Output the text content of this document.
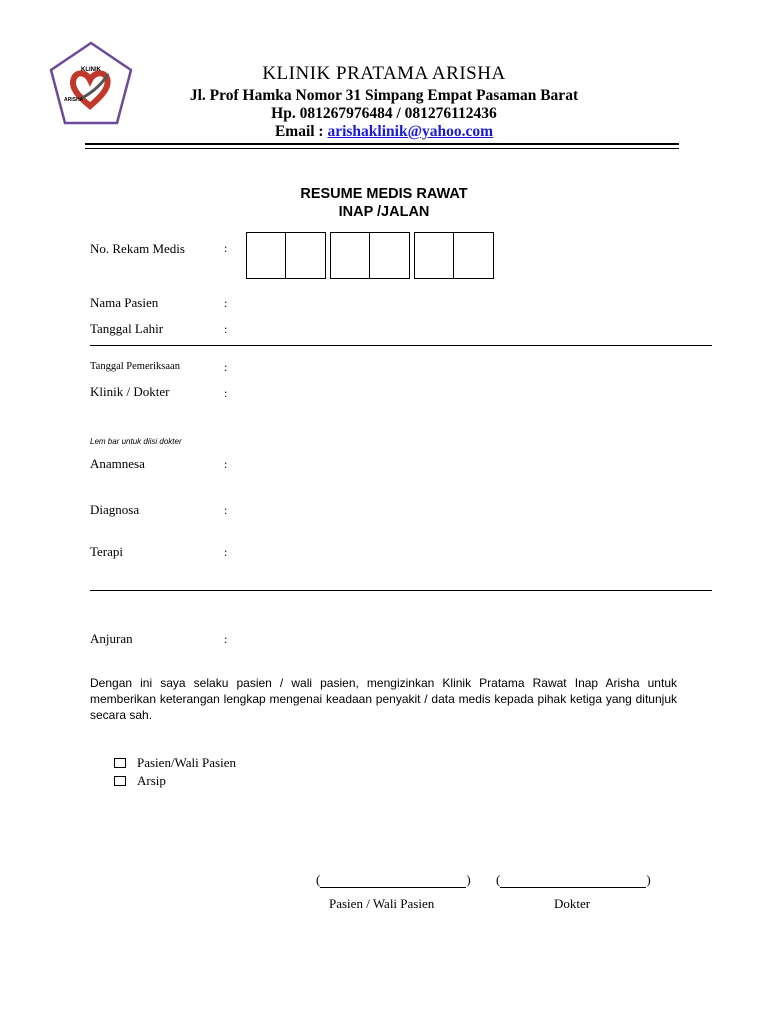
KLINIK
ARISHA
KLINIK PRATAMA ARISHA
Jl. Prof Hamka Nomor 31 Simpang Empat Pasaman Barat
Hp. 081267976484 / 081276112436
Email : arishaklinik@yahoo.com
RESUME MEDIS RAWAT
INAP /JALAN
No. Rekam Medis	:
Nama Pasien	:
Tanggal Lahir	:
Tanggal Pemeriksaan	:
Klinik / Dokter	:
Lem bar untuk diisi dokter
Anamnesa	:
Diagnosa	:
Terapi	:
Anjuran	:
Dengan ini saya selaku pasien / wali pasien, mengizinkan Klinik Pratama Rawat Inap Arisha untuk memberikan keterangan lengkap mengenai keadaan penyakit / data medis kepada pihak ketiga yang ditunjuk secara sah.
Pasien/Wali Pasien
Arsip
(	) (	)
Pasien / Wali Pasien	Dokter
